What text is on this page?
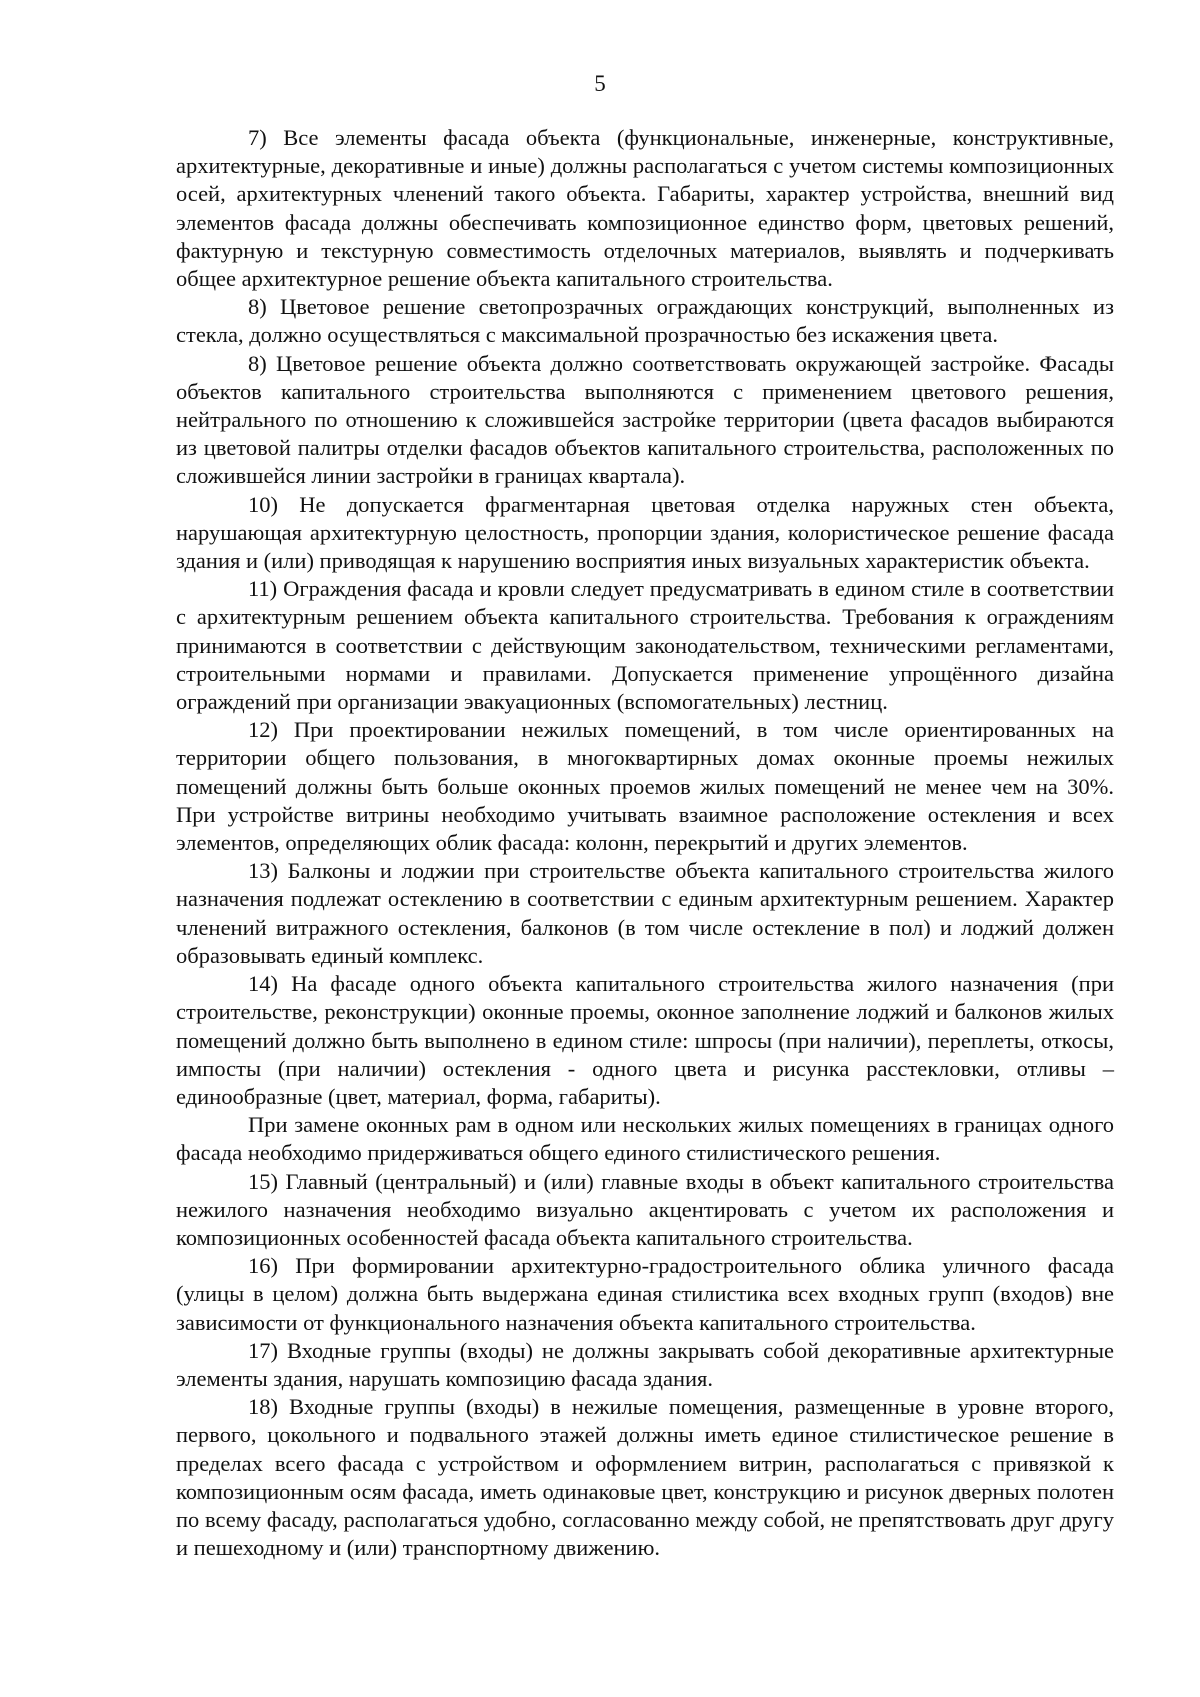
5

7) Все элементы фасада объекта (функциональные, инженерные, конструктивные, архитектурные, декоративные и иные) должны располагаться с учетом системы композиционных осей, архитектурных членений такого объекта. Габариты, характер устройства, внешний вид элементов фасада должны обеспечивать композиционное единство форм, цветовых решений, фактурную и текстурную совместимость отделочных материалов, выявлять и подчеркивать общее архитектурное решение объекта капитального строительства.

8) Цветовое решение светопрозрачных ограждающих конструкций, выполненных из стекла, должно осуществляться с максимальной прозрачностью без искажения цвета.

8) Цветовое решение объекта должно соответствовать окружающей застройке. Фасады объектов капитального строительства выполняются с применением цветового решения, нейтрального по отношению к сложившейся застройке территории (цвета фасадов выбираются из цветовой палитры отделки фасадов объектов капитального строительства, расположенных по сложившейся линии застройки в границах квартала).

10) Не допускается фрагментарная цветовая отделка наружных стен объекта, нарушающая архитектурную целостность, пропорции здания, колористическое решение фасада здания и (или) приводящая к нарушению восприятия иных визуальных характеристик объекта.

11) Ограждения фасада и кровли следует предусматривать в едином стиле в соответствии с архитектурным решением объекта капитального строительства. Требования к ограждениям принимаются в соответствии с действующим законодательством, техническими регламентами, строительными нормами и правилами. Допускается применение упрощённого дизайна ограждений при организации эвакуационных (вспомогательных) лестниц.

12) При проектировании нежилых помещений, в том числе ориентированных на территории общего пользования, в многоквартирных домах оконные проемы нежилых помещений должны быть больше оконных проемов жилых помещений не менее чем на 30%. При устройстве витрины необходимо учитывать взаимное расположение остекления и всех элементов, определяющих облик фасада: колонн, перекрытий и других элементов.

13) Балконы и лоджии при строительстве объекта капитального строительства жилого назначения подлежат остеклению в соответствии с единым архитектурным решением. Характер членений витражного остекления, балконов (в том числе остекление в пол) и лоджий должен образовывать единый комплекс.

14) На фасаде одного объекта капитального строительства жилого назначения (при строительстве, реконструкции) оконные проемы, оконное заполнение лоджий и балконов жилых помещений должно быть выполнено в едином стиле: шпросы (при наличии), переплеты, откосы, импосты (при наличии) остекления - одного цвета и рисунка расстекловки, отливы – единообразные (цвет, материал, форма, габариты).

При замене оконных рам в одном или нескольких жилых помещениях в границах одного фасада необходимо придерживаться общего единого стилистического решения.

15) Главный (центральный) и (или) главные входы в объект капитального строительства нежилого назначения необходимо визуально акцентировать с учетом их расположения и композиционных особенностей фасада объекта капитального строительства.

16) При формировании архитектурно-градостроительного облика уличного фасада (улицы в целом) должна быть выдержана единая стилистика всех входных групп (входов) вне зависимости от функционального назначения объекта капитального строительства.

17) Входные группы (входы) не должны закрывать собой декоративные архитектурные элементы здания, нарушать композицию фасада здания.

18) Входные группы (входы) в нежилые помещения, размещенные в уровне второго, первого, цокольного и подвального этажей должны иметь единое стилистическое решение в пределах всего фасада с устройством и оформлением витрин, располагаться с привязкой к композиционным осям фасада, иметь одинаковые цвет, конструкцию и рисунок дверных полотен по всему фасаду, располагаться удобно, согласованно между собой, не препятствовать друг другу и пешеходному и (или) транспортному движению.
